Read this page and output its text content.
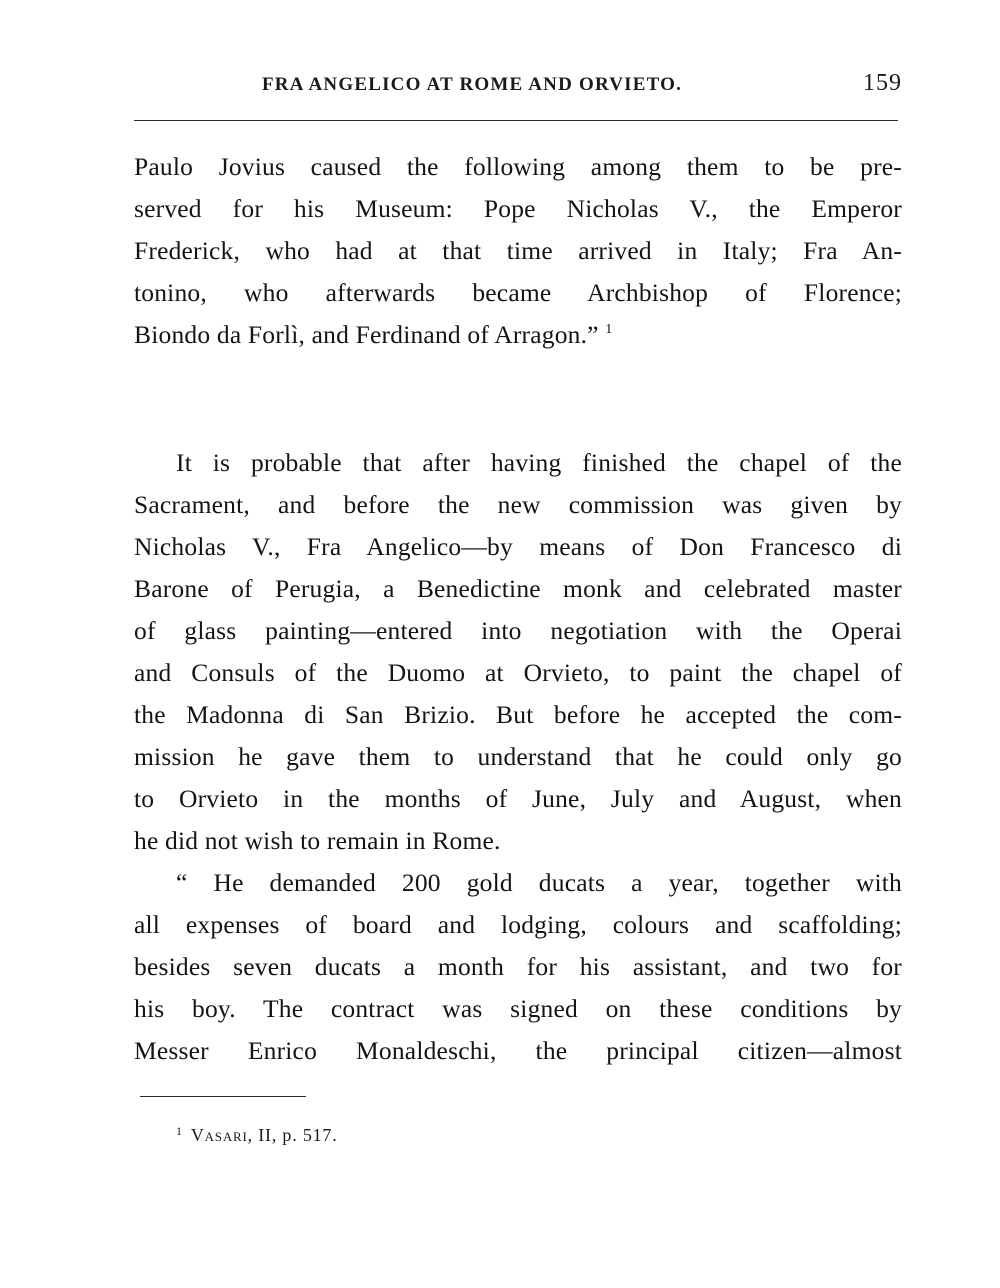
FRA ANGELICO AT ROME AND ORVIETO.	159
Paulo Jovius caused the following among them to be pre-
served for his Museum: Pope Nicholas V., the Emperor
Frederick, who had at that time arrived in Italy; Fra An-
tonino, who afterwards became Archbishop of Florence;
Biondo da Forlì, and Ferdinand of Arragon.” $^1$
It is probable that after having finished the chapel of the
Sacrament, and before the new commission was given by
Nicholas V., Fra Angelico—by means of Don Francesco di
Barone of Perugia, a Benedictine monk and celebrated master
of glass painting—entered into negotiation with the Operai
and Consuls of the Duomo at Orvieto, to paint the chapel of
the Madonna di San Brizio. But before he accepted the com-
mission he gave them to understand that he could only go
to Orvieto in the months of June, July and August, when
he did not wish to remain in Rome.
“ He demanded 200 gold ducats a year, together with
all expenses of board and lodging, colours and scaffolding;
besides seven ducats a month for his assistant, and two for
his boy. The contract was signed on these conditions by
Messer Enrico Monaldeschi, the principal citizen—almost
$^1$ Vasari, II, p. 517.
